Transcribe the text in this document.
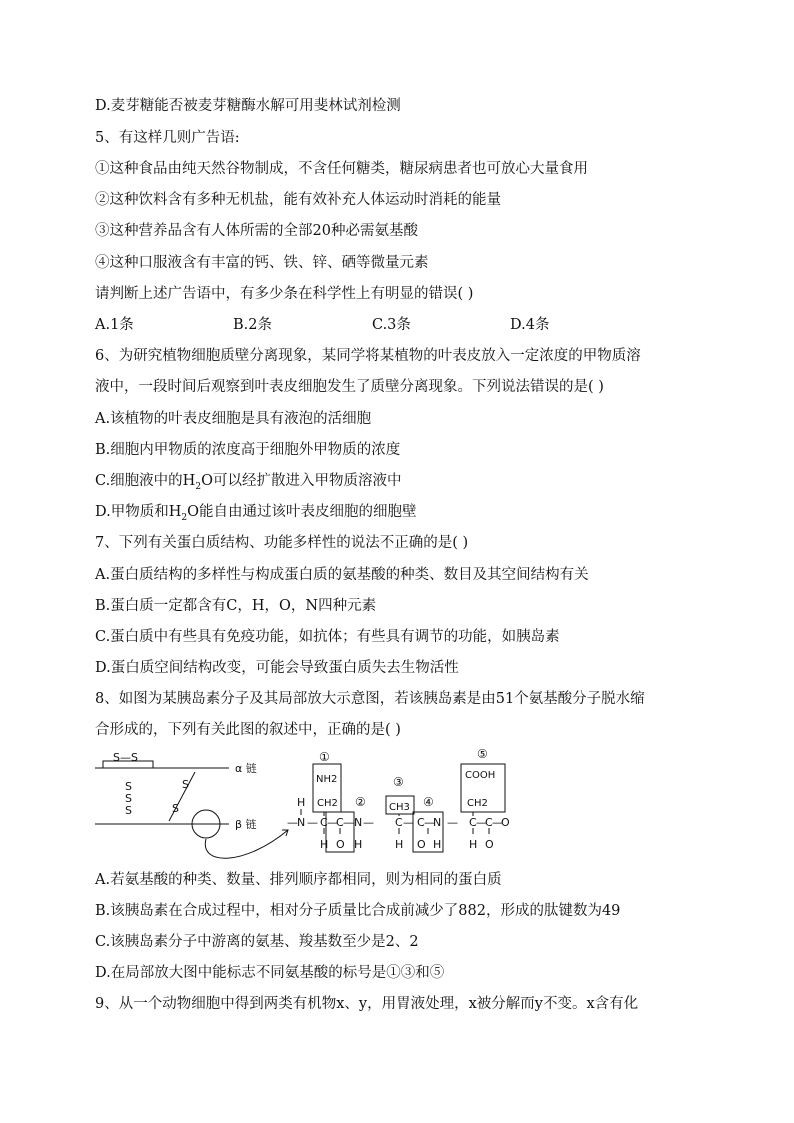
D.麦芽糖能否被麦芽糖酶水解可用斐林试剂检测
5、有这样几则广告语:
①这种食品由纯天然谷物制成，不含任何糖类，糖尿病患者也可放心大量食用
②这种饮料含有多种无机盐，能有效补充人体运动时消耗的能量
③这种营养品含有人体所需的全部20种必需氨基酸
④这种口服液含有丰富的钙、铁、锌、硒等微量元素
请判断上述广告语中，有多少条在科学性上有明显的错误( )
A.1条	B.2条	C.3条	D.4条
6、为研究植物细胞质壁分离现象，某同学将某植物的叶表皮放入一定浓度的甲物质溶
液中，一段时间后观察到叶表皮细胞发生了质壁分离现象。下列说法错误的是( )
A.该植物的叶表皮细胞是具有液泡的活细胞
B.细胞内甲物质的浓度高于细胞外甲物质的浓度
C.细胞液中的$H_2O$可以经扩散进入甲物质溶液中
D.甲物质和$H_2O$能自由通过该叶表皮细胞的细胞壁
7、下列有关蛋白质结构、功能多样性的说法不正确的是( )
A.蛋白质结构的多样性与构成蛋白质的氨基酸的种类、数目及其空间结构有关
B.蛋白质一定都含有C，H，O，N四种元素
C.蛋白质中有些具有免疫功能，如抗体；有些具有调节的功能，如胰岛素
D.蛋白质空间结构改变，可能会导致蛋白质失去生物活性
8、如图为某胰岛素分子及其局部放大示意图，若该胰岛素是由51个氨基酸分子脱水缩
合形成的，下列有关此图的叙述中，正确的是( )
S—S
S
S
S
S
S
α 链
β 链
①
②
③
④
⑤
NH2
CH2	CH3
COOH
CH2
H
— N — C —
C — N — C — C —
N — C —
C —
O
H O H	H O H	H O
A.若氨基酸的种类、数量、排列顺序都相同，则为相同的蛋白质
B.该胰岛素在合成过程中，相对分子质量比合成前减少了882，形成的肽键数为49
C.该胰岛素分子中游离的氨基、羧基数至少是2、2
D.在局部放大图中能标志不同氨基酸的标号是①③和⑤
9、从一个动物细胞中得到两类有机物x、y，用胃液处理，x被分解而y不变。x含有化
